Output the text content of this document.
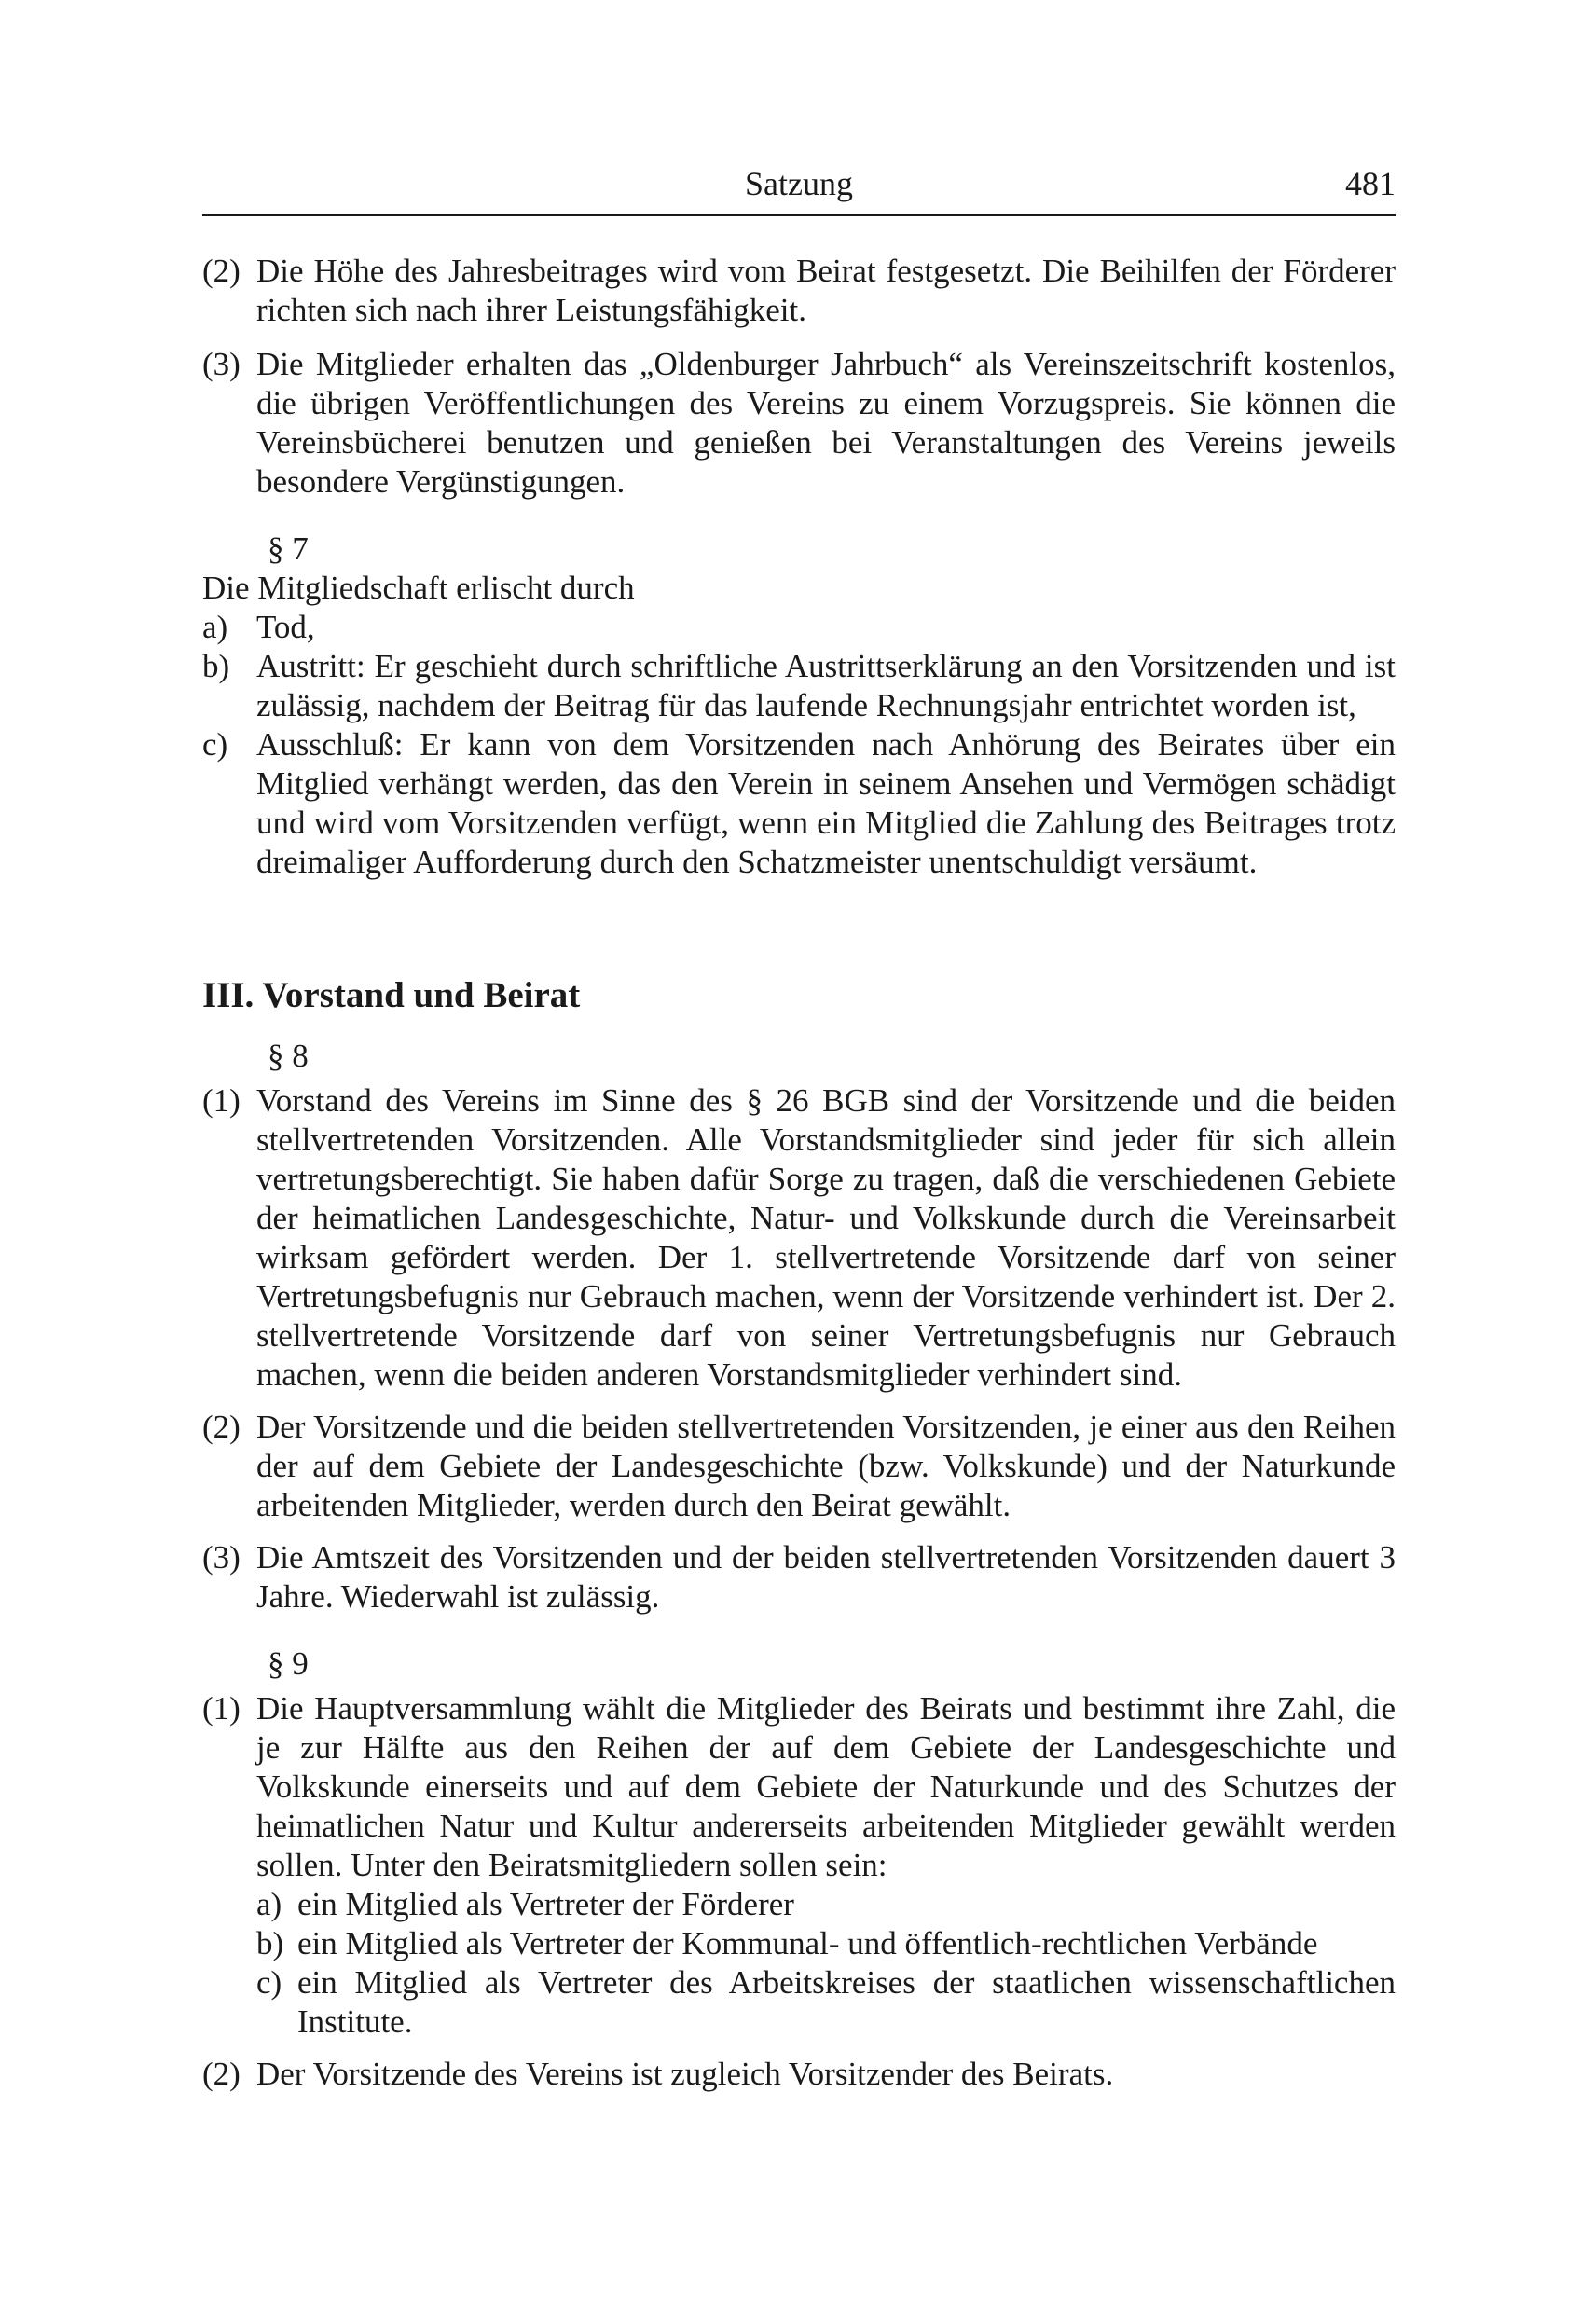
Satzung	481

(2) Die Höhe des Jahresbeitrages wird vom Beirat festgesetzt. Die Beihilfen der Förderer richten sich nach ihrer Leistungsfähigkeit.

(3) Die Mitglieder erhalten das „Oldenburger Jahrbuch“ als Vereinszeitschrift kostenlos, die übrigen Veröffentlichungen des Vereins zu einem Vorzugspreis. Sie können die Vereinsbücherei benutzen und genießen bei Veranstaltungen des Vereins jeweils besondere Vergünstigungen.

§ 7

Die Mitgliedschaft erlischt durch

a) Tod,

b) Austritt: Er geschieht durch schriftliche Austrittserklärung an den Vorsitzenden und ist zulässig, nachdem der Beitrag für das laufende Rechnungsjahr entrichtet worden ist,

c) Ausschluß: Er kann von dem Vorsitzenden nach Anhörung des Beirates über ein Mitglied verhängt werden, das den Verein in seinem Ansehen und Vermögen schädigt und wird vom Vorsitzenden verfügt, wenn ein Mitglied die Zahlung des Beitrages trotz dreimaliger Aufforderung durch den Schatzmeister unentschuldigt versäumt.

III. Vorstand und Beirat

§ 8

(1) Vorstand des Vereins im Sinne des § 26 BGB sind der Vorsitzende und die beiden stellvertretenden Vorsitzenden. Alle Vorstandsmitglieder sind jeder für sich allein vertretungsberechtigt. Sie haben dafür Sorge zu tragen, daß die verschiedenen Gebiete der heimatlichen Landesgeschichte, Natur- und Volkskunde durch die Vereinsarbeit wirksam gefördert werden. Der 1. stellvertretende Vorsitzende darf von seiner Vertretungsbefugnis nur Gebrauch machen, wenn der Vorsitzende verhindert ist. Der 2. stellvertretende Vorsitzende darf von seiner Vertretungsbefugnis nur Gebrauch machen, wenn die beiden anderen Vorstandsmitglieder verhindert sind.

(2) Der Vorsitzende und die beiden stellvertretenden Vorsitzenden, je einer aus den Reihen der auf dem Gebiete der Landesgeschichte (bzw. Volkskunde) und der Naturkunde arbeitenden Mitglieder, werden durch den Beirat gewählt.

(3) Die Amtszeit des Vorsitzenden und der beiden stellvertretenden Vorsitzenden dauert 3 Jahre. Wiederwahl ist zulässig.

§ 9

(1) Die Hauptversammlung wählt die Mitglieder des Beirats und bestimmt ihre Zahl, die je zur Hälfte aus den Reihen der auf dem Gebiete der Landesgeschichte und Volkskunde einerseits und auf dem Gebiete der Naturkunde und des Schutzes der heimatlichen Natur und Kultur andererseits arbeitenden Mitglieder gewählt werden sollen. Unter den Beiratsmitgliedern sollen sein:

a) ein Mitglied als Vertreter der Förderer

b) ein Mitglied als Vertreter der Kommunal- und öffentlich-rechtlichen Verbände

c) ein Mitglied als Vertreter des Arbeitskreises der staatlichen wissenschaftlichen Institute.

(2) Der Vorsitzende des Vereins ist zugleich Vorsitzender des Beirats.
